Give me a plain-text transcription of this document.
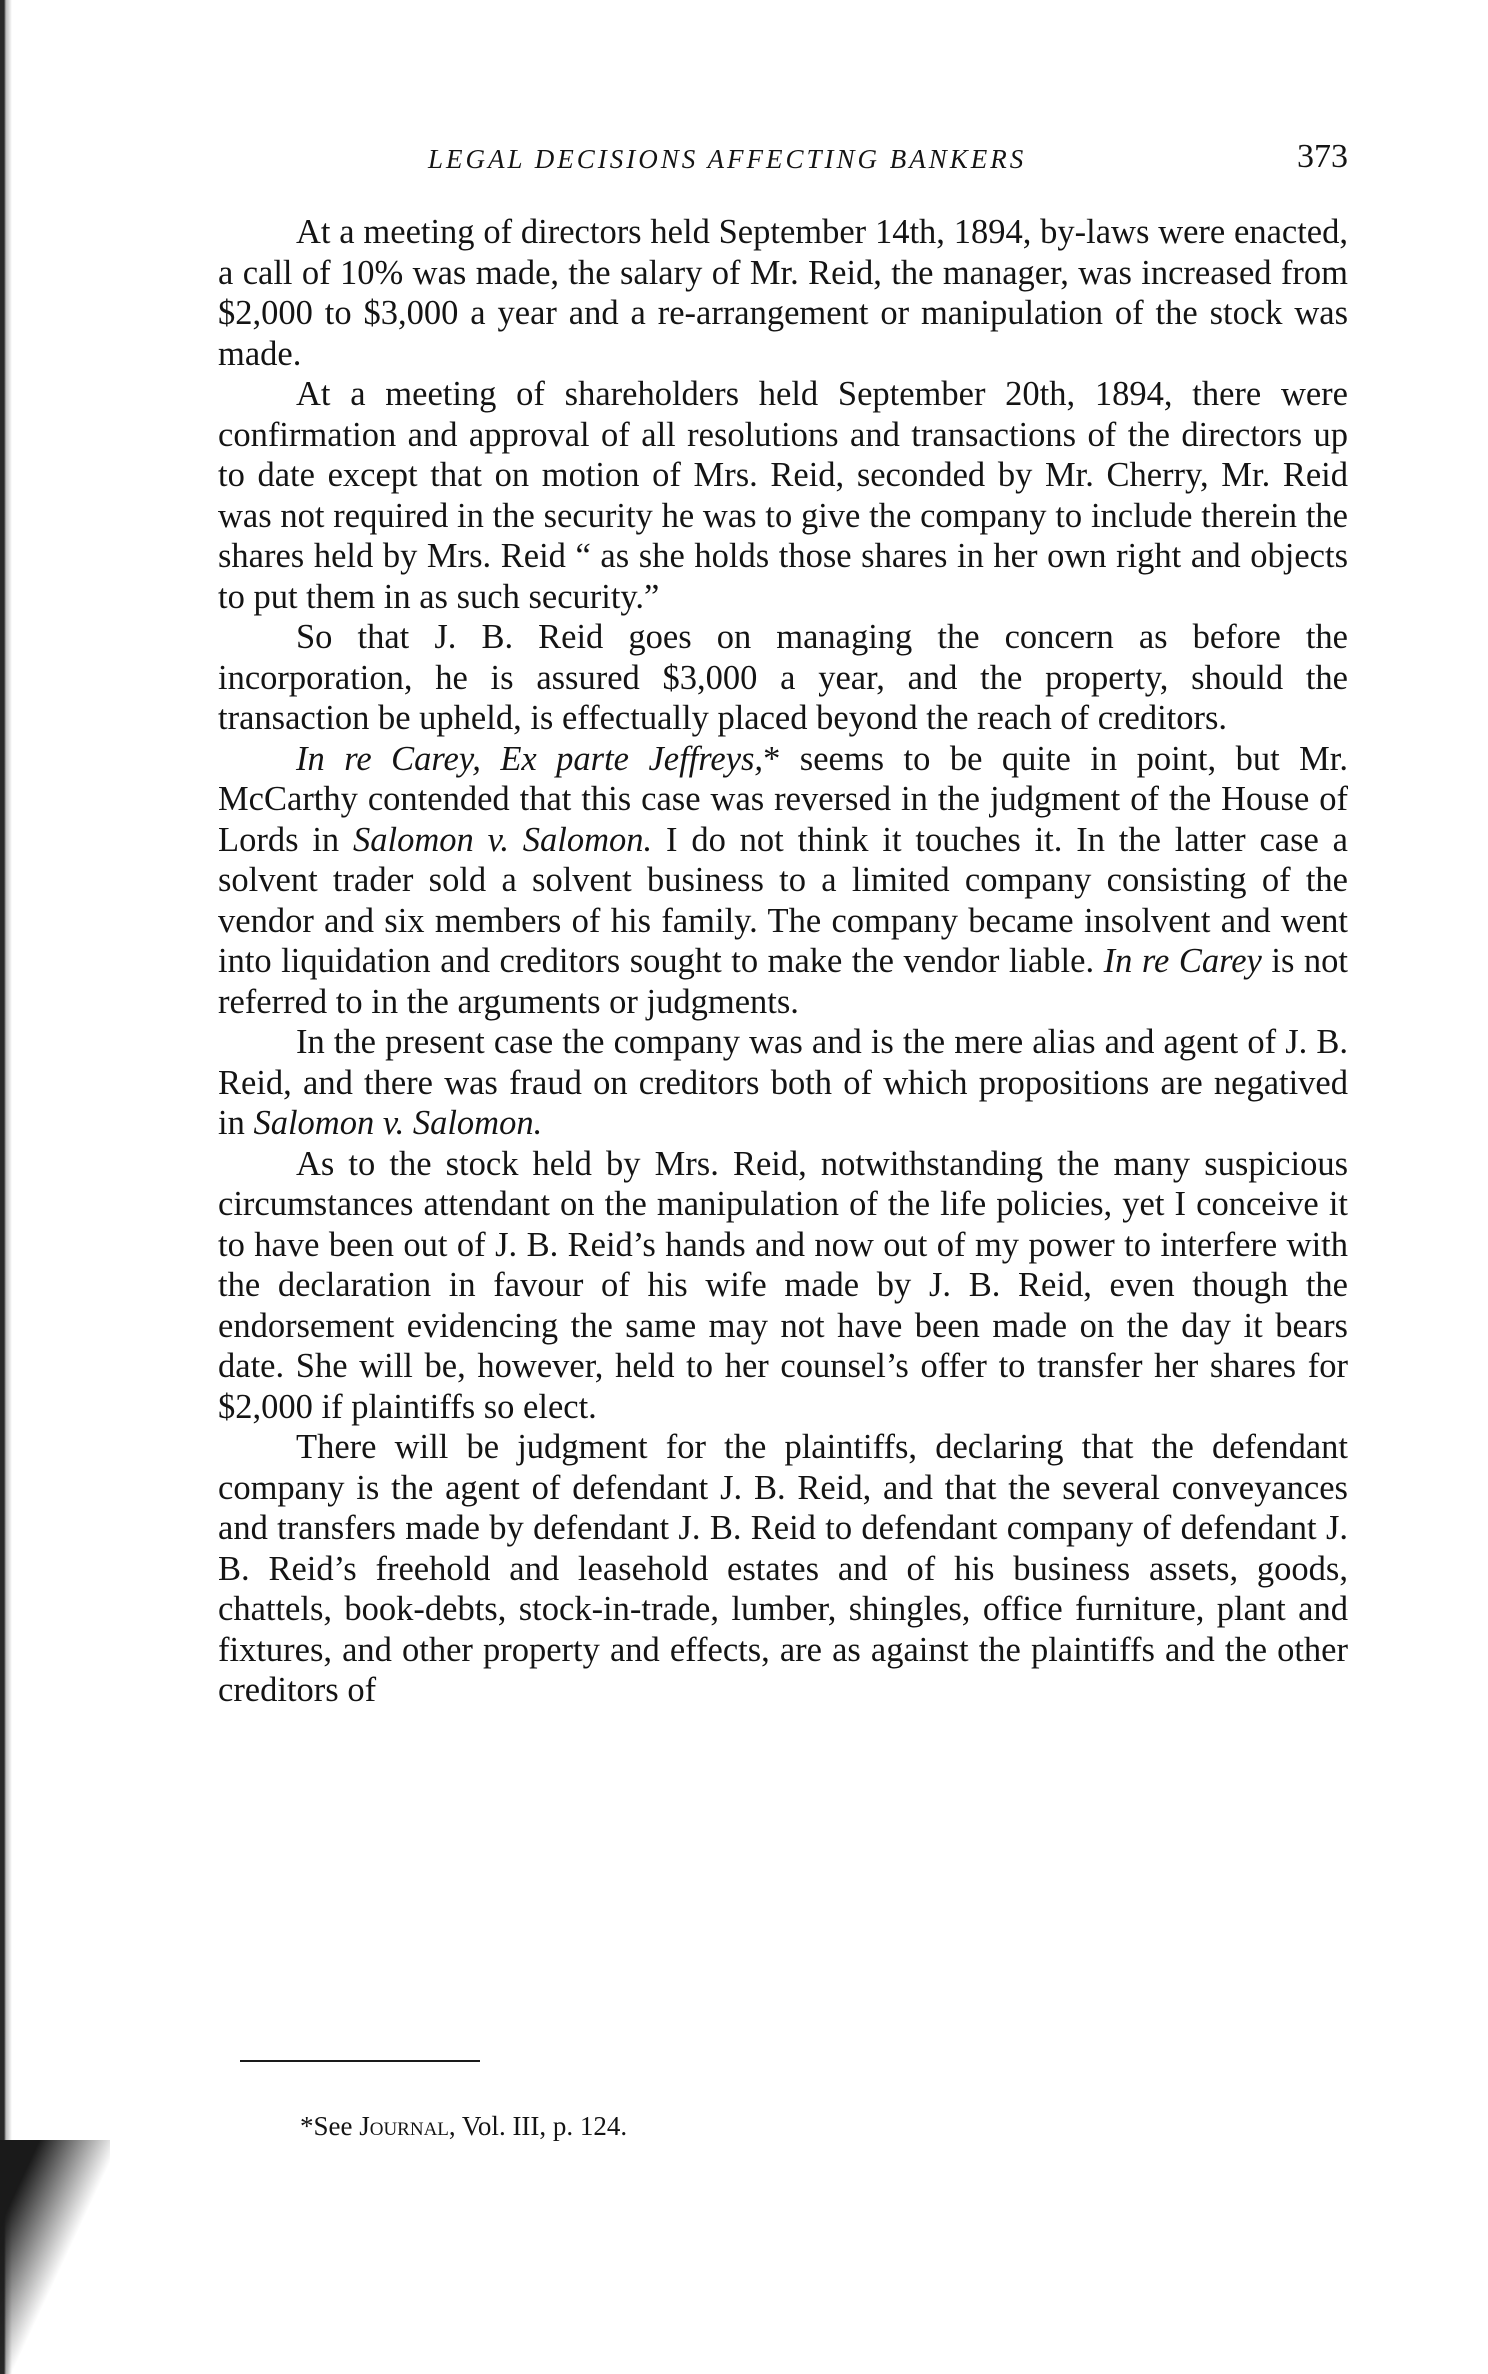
LEGAL DECISIONS AFFECTING BANKERS	373

At a meeting of directors held September 14th, 1894, by-laws were enacted, a call of 10% was made, the salary of Mr. Reid, the manager, was increased from $2,000 to $3,000 a year and a re-arrangement or manipulation of the stock was made.

At a meeting of shareholders held September 20th, 1894, there were confirmation and approval of all resolutions and transactions of the directors up to date except that on motion of Mrs. Reid, seconded by Mr. Cherry, Mr. Reid was not required in the security he was to give the company to include therein the shares held by Mrs. Reid “ as she holds those shares in her own right and objects to put them in as such security.”

So that J. B. Reid goes on managing the concern as before the incorporation, he is assured $3,000 a year, and the property, should the transaction be upheld, is effectually placed beyond the reach of creditors.

In re Carey, Ex parte Jeffreys,* seems to be quite in point, but Mr. McCarthy contended that this case was reversed in the judgment of the House of Lords in Salomon v. Salomon. I do not think it touches it. In the latter case a solvent trader sold a solvent business to a limited company consisting of the vendor and six members of his family. The company became insolvent and went into liquidation and creditors sought to make the vendor liable. In re Carey is not referred to in the arguments or judgments.

In the present case the company was and is the mere alias and agent of J. B. Reid, and there was fraud on creditors both of which propositions are negatived in Salomon v. Salomon.

As to the stock held by Mrs. Reid, notwithstanding the many suspicious circumstances attendant on the manipulation of the life policies, yet I conceive it to have been out of J. B. Reid’s hands and now out of my power to interfere with the declaration in favour of his wife made by J. B. Reid, even though the endorsement evidencing the same may not have been made on the day it bears date. She will be, however, held to her counsel’s offer to transfer her shares for $2,000 if plaintiffs so elect.

There will be judgment for the plaintiffs, declaring that the defendant company is the agent of defendant J. B. Reid, and that the several conveyances and transfers made by defendant J. B. Reid to defendant company of defendant J. B. Reid’s freehold and leasehold estates and of his business assets, goods, chattels, book-debts, stock-in-trade, lumber, shingles, office furniture, plant and fixtures, and other property and effects, are as against the plaintiffs and the other creditors of

*See Journal, Vol. III, p. 124.
